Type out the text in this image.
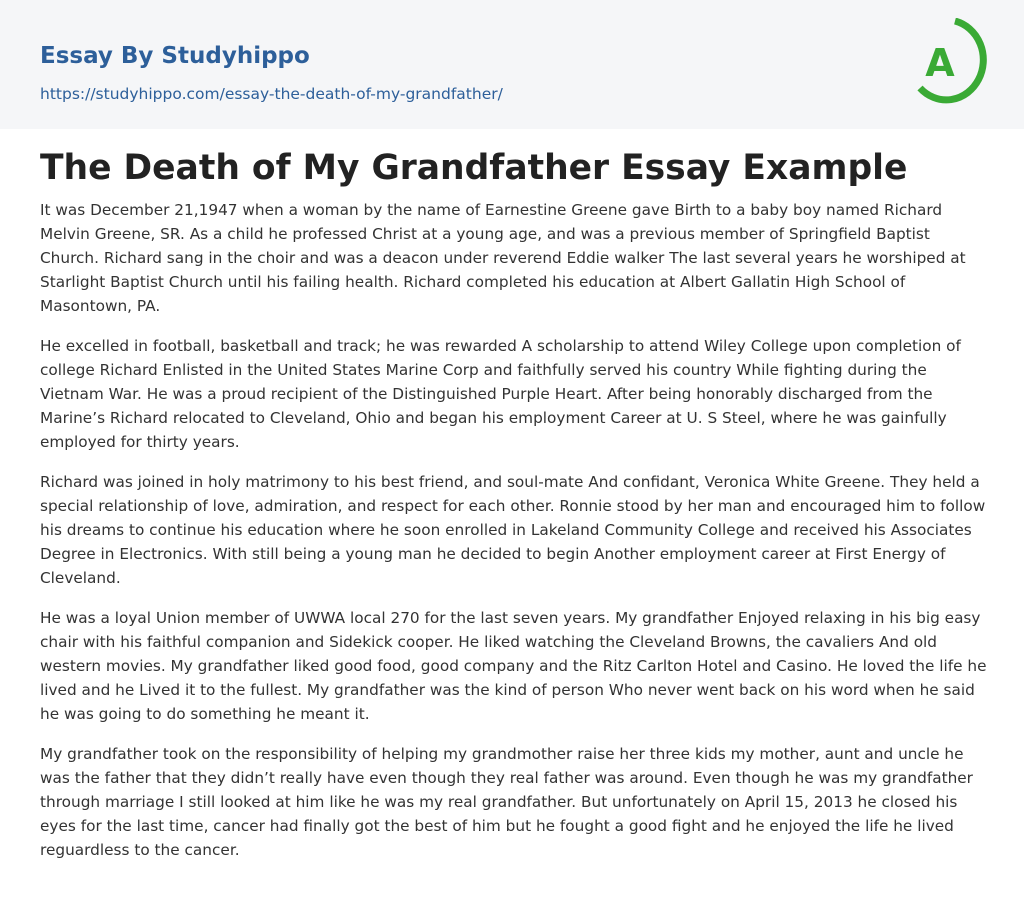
Essay By Studyhippo
https://studyhippo.com/essay-the-death-of-my-grandfather/
A
The Death of My Grandfather Essay Example

It was December 21,1947 when a woman by the name of Earnestine Greene gave Birth to a baby boy named Richard Melvin Greene, SR. As a child he professed Christ at a young age, and was a previous member of Springfield Baptist Church. Richard sang in the choir and was a deacon under reverend Eddie walker The last several years he worshiped at Starlight Baptist Church until his failing health. Richard completed his education at Albert Gallatin High School of Masontown, PA.

He excelled in football, basketball and track; he was rewarded A scholarship to attend Wiley College upon completion of college Richard Enlisted in the United States Marine Corp and faithfully served his country While fighting during the Vietnam War. He was a proud recipient of the Distinguished Purple Heart. After being honorably discharged from the Marine’s Richard relocated to Cleveland, Ohio and began his employment Career at U. S Steel, where he was gainfully employed for thirty years.

Richard was joined in holy matrimony to his best friend, and soul-mate And confidant, Veronica White Greene. They held a special relationship of love, admiration, and respect for each other. Ronnie stood by her man and encouraged him to follow his dreams to continue his education where he soon enrolled in Lakeland Community College and received his Associates Degree in Electronics. With still being a young man he decided to begin Another employment career at First Energy of Cleveland.

He was a loyal Union member of UWWA local 270 for the last seven years. My grandfather Enjoyed relaxing in his big easy chair with his faithful companion and Sidekick cooper. He liked watching the Cleveland Browns, the cavaliers And old western movies. My grandfather liked good food, good company and the Ritz Carlton Hotel and Casino. He loved the life he lived and he Lived it to the fullest. My grandfather was the kind of person Who never went back on his word when he said he was going to do something he meant it.

My grandfather took on the responsibility of helping my grandmother raise her three kids my mother, aunt and uncle he was the father that they didn’t really have even though they real father was around. Even though he was my grandfather through marriage I still looked at him like he was my real grandfather. But unfortunately on April 15, 2013 he closed his eyes for the last time, cancer had finally got the best of him but he fought a good fight and he enjoyed the life he lived reguardless to the cancer.
